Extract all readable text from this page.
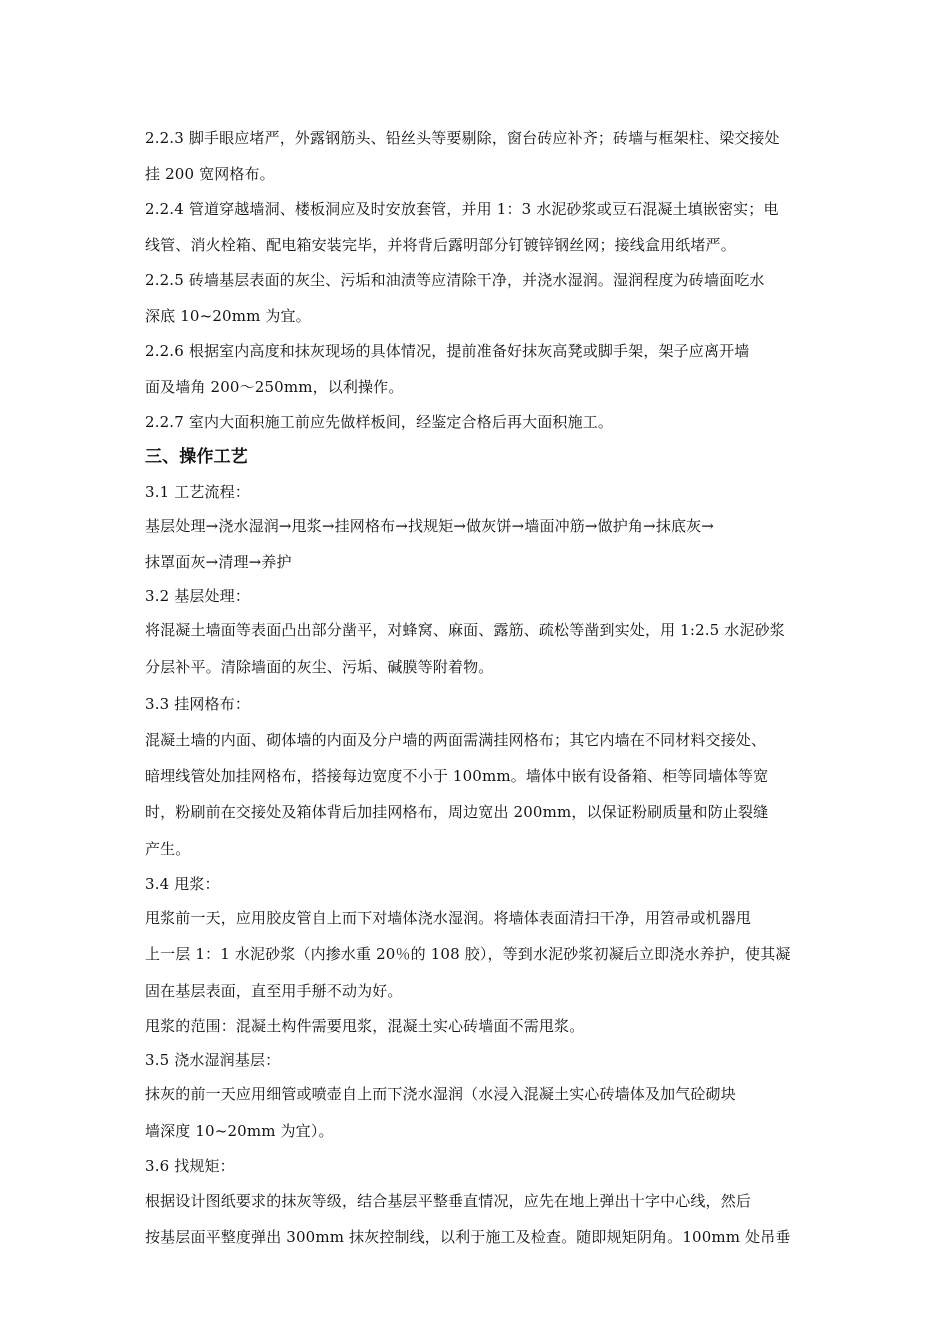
2.2.3 脚手眼应堵严，外露钢筋头、铅丝头等要剔除，窗台砖应补齐；砖墙与框架柱、梁交接处
挂 200 宽网格布。
2.2.4 管道穿越墙洞、楼板洞应及时安放套管，并用 1：3 水泥砂浆或豆石混凝土填嵌密实；电
线管、消火栓箱、配电箱安装完毕，并将背后露明部分钉镀锌钢丝网；接线盒用纸堵严。
2.2.5 砖墙基层表面的灰尘、污垢和油渍等应清除干净，并浇水湿润。湿润程度为砖墙面吃水
深底 10~20mm 为宜。
2.2.6 根据室内高度和抹灰现场的具体情况，提前准备好抹灰高凳或脚手架，架子应离开墙
面及墙角 200～250mm，以利操作。
2.2.7 室内大面积施工前应先做样板间，经鉴定合格后再大面积施工。
三、操作工艺
3.1 工艺流程：
基层处理→浇水湿润→甩浆→挂网格布→找规矩→做灰饼→墙面冲筋→做护角→抹底灰→
抹罩面灰→清理→养护
3.2 基层处理：
将混凝土墙面等表面凸出部分凿平，对蜂窝、麻面、露筋、疏松等凿到实处，用 1:2.5 水泥砂浆
分层补平。清除墙面的灰尘、污垢、碱膜等附着物。
3.3 挂网格布：
混凝土墙的内面、砌体墙的内面及分户墙的两面需满挂网格布；其它内墙在不同材料交接处、
暗埋线管处加挂网格布，搭接每边宽度不小于 100mm。墙体中嵌有设备箱、柜等同墙体等宽
时，粉刷前在交接处及箱体背后加挂网格布，周边宽出 200mm，以保证粉刷质量和防止裂缝
产生。
3.4 甩浆：
甩浆前一天，应用胶皮管自上而下对墙体浇水湿润。将墙体表面清扫干净，用笤帚或机器甩
上一层 1：1 水泥砂浆（内掺水重 20％的 108 胶），等到水泥砂浆初凝后立即浇水养护，使其凝
固在基层表面，直至用手掰不动为好。
甩浆的范围：混凝土构件需要甩浆，混凝土实心砖墙面不需甩浆。
3.5 浇水湿润基层：
抹灰的前一天应用细管或喷壶自上而下浇水湿润（水浸入混凝土实心砖墙体及加气砼砌块
墙深度 10~20mm 为宜）。
3.6 找规矩：
根据设计图纸要求的抹灰等级，结合基层平整垂直情况，应先在地上弹出十字中心线，然后
按基层面平整度弹出 300mm 抹灰控制线，以利于施工及检查。随即规矩阴角。100mm 处吊垂
